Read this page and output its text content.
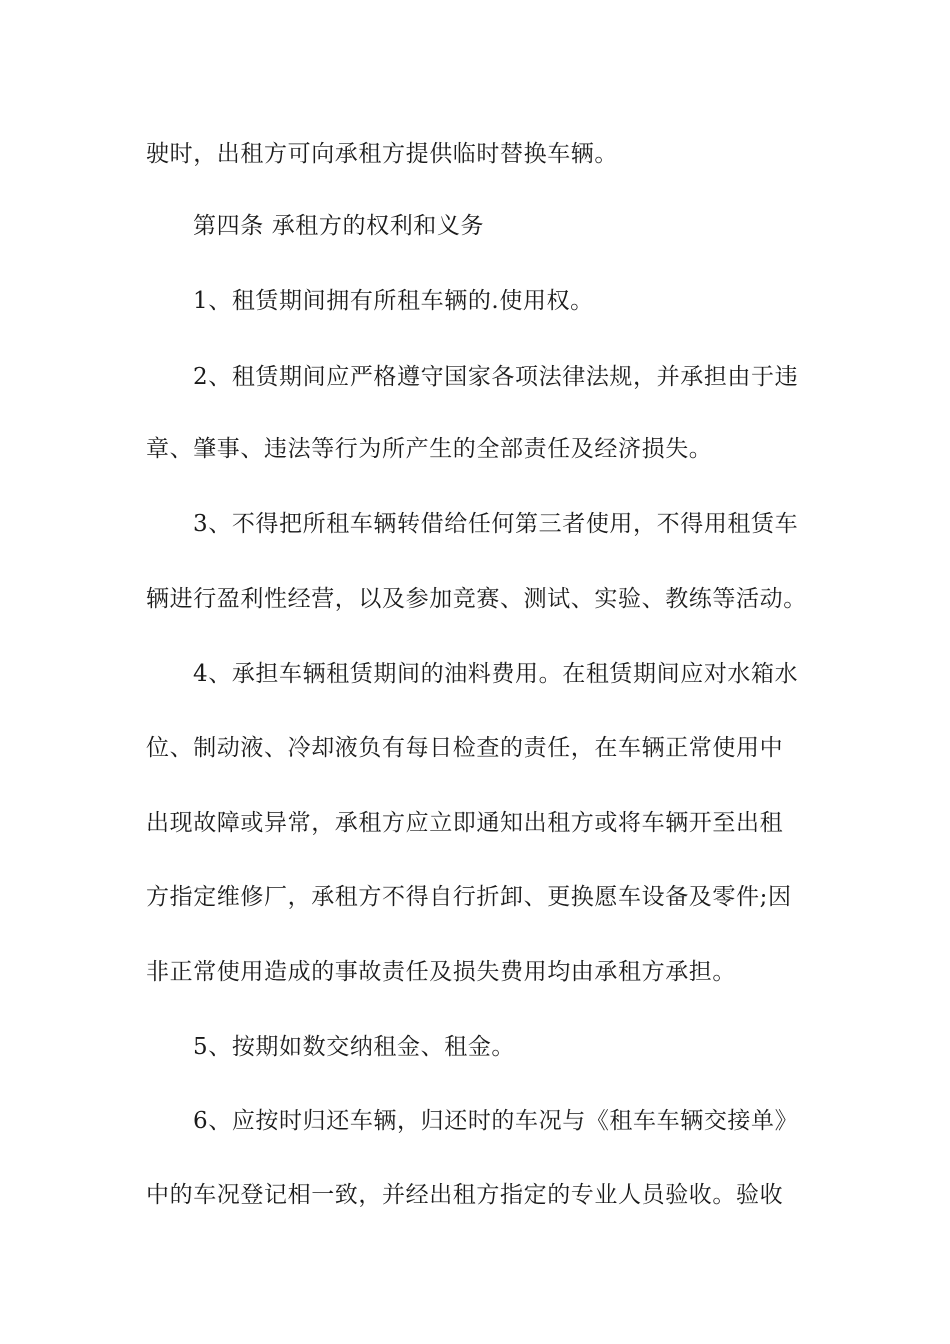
驶时，出租方可向承租方提供临时替换车辆。
第四条 承租方的权利和义务
1、租赁期间拥有所租车辆的.使用权。
2、租赁期间应严格遵守国家各项法律法规，并承担由于违
章、肇事、违法等行为所产生的全部责任及经济损失。
3、不得把所租车辆转借给任何第三者使用，不得用租赁车
辆进行盈利性经营，以及参加竞赛、测试、实验、教练等活动。
4、承担车辆租赁期间的油料费用。在租赁期间应对水箱水
位、制动液、冷却液负有每日检查的责任，在车辆正常使用中
出现故障或异常，承租方应立即通知出租方或将车辆开至出租
方指定维修厂，承租方不得自行折卸、更换愿车设备及零件;因
非正常使用造成的事故责任及损失费用均由承租方承担。
5、按期如数交纳租金、租金。
6、应按时归还车辆，归还时的车况与《租车车辆交接单》
中的车况登记相一致，并经出租方指定的专业人员验收。验收
